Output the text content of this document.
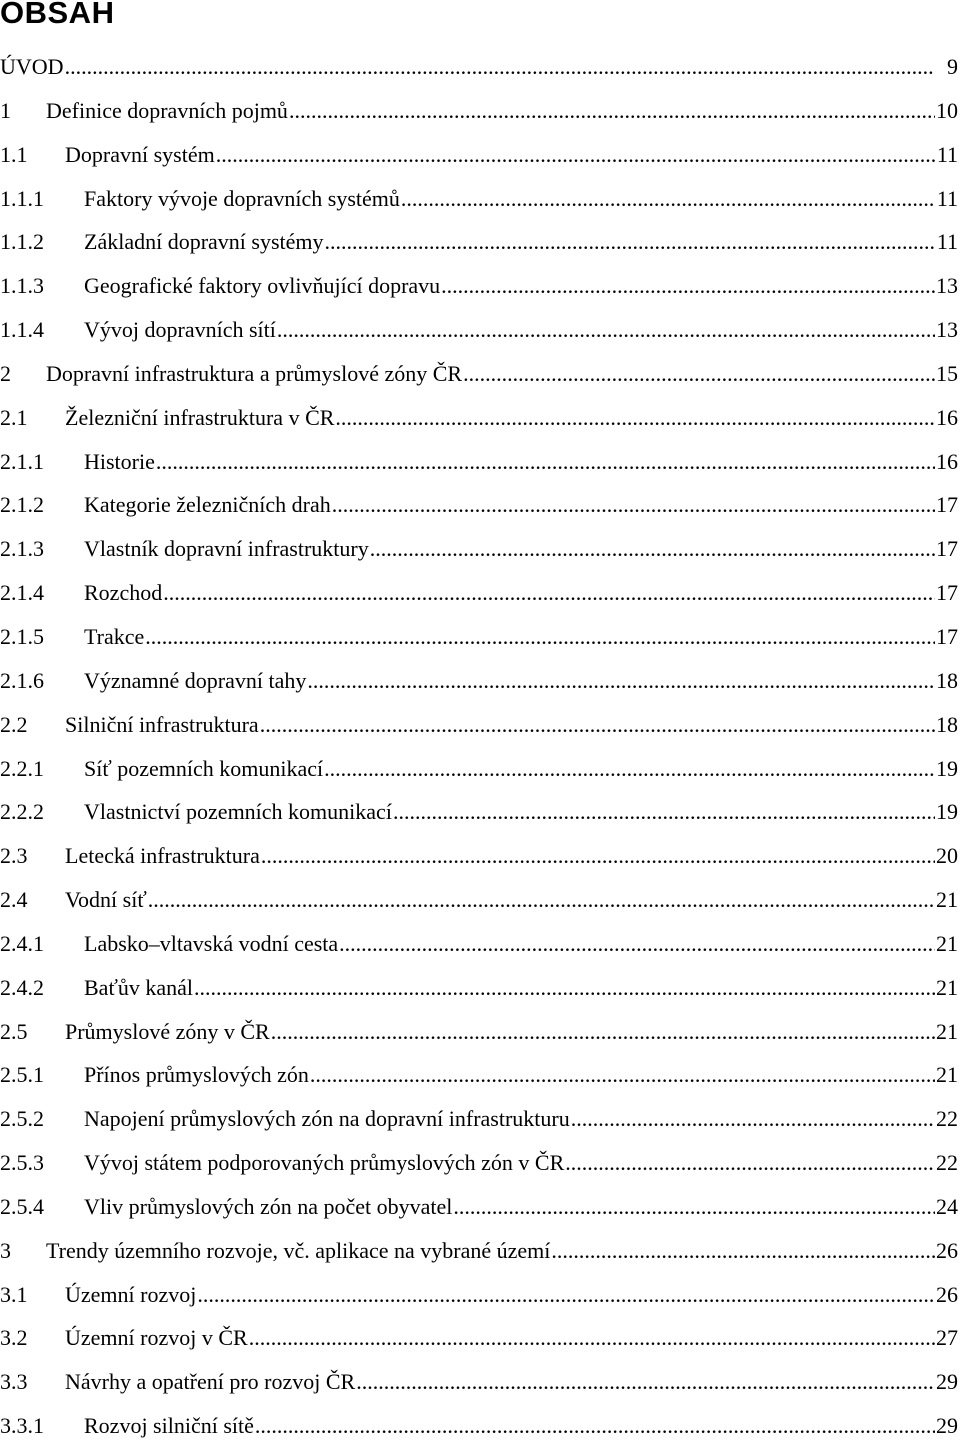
OBSAH
ÚVOD .....	9
1	Definice dopravních pojmů .....	10
1.1	Dopravní systém .....	11
1.1.1	Faktory vývoje dopravních systémů .....	11
1.1.2	Základní dopravní systémy .....	11
1.1.3	Geografické faktory ovlivňující dopravu .....	13
1.1.4	Vývoj dopravních sítí .....	13
2	Dopravní infrastruktura a průmyslové zóny ČR .....	15
2.1	Železniční infrastruktura v ČR .....	16
2.1.1	Historie .....	16
2.1.2	Kategorie železničních drah .....	17
2.1.3	Vlastník dopravní infrastruktury .....	17
2.1.4	Rozchod .....	17
2.1.5	Trakce .....	17
2.1.6	Významné dopravní tahy .....	18
2.2	Silniční infrastruktura .....	18
2.2.1	Síť pozemních komunikací .....	19
2.2.2	Vlastnictví pozemních komunikací .....	19
2.3	Letecká infrastruktura .....	20
2.4	Vodní síť .....	21
2.4.1	Labsko–vltavská vodní cesta .....	21
2.4.2	Baťův kanál .....	21
2.5	Průmyslové zóny v ČR .....	21
2.5.1	Přínos průmyslových zón .....	21
2.5.2	Napojení průmyslových zón na dopravní infrastrukturu .....	22
2.5.3	Vývoj státem podporovaných průmyslových zón v ČR .....	22
2.5.4	Vliv průmyslových zón na počet obyvatel .....	24
3	Trendy územního rozvoje, vč. aplikace na vybrané území .....	26
3.1	Územní rozvoj .....	26
3.2	Územní rozvoj v ČR .....	27
3.3	Návrhy a opatření pro rozvoj ČR .....	29
3.3.1	Rozvoj silniční sítě .....	29
